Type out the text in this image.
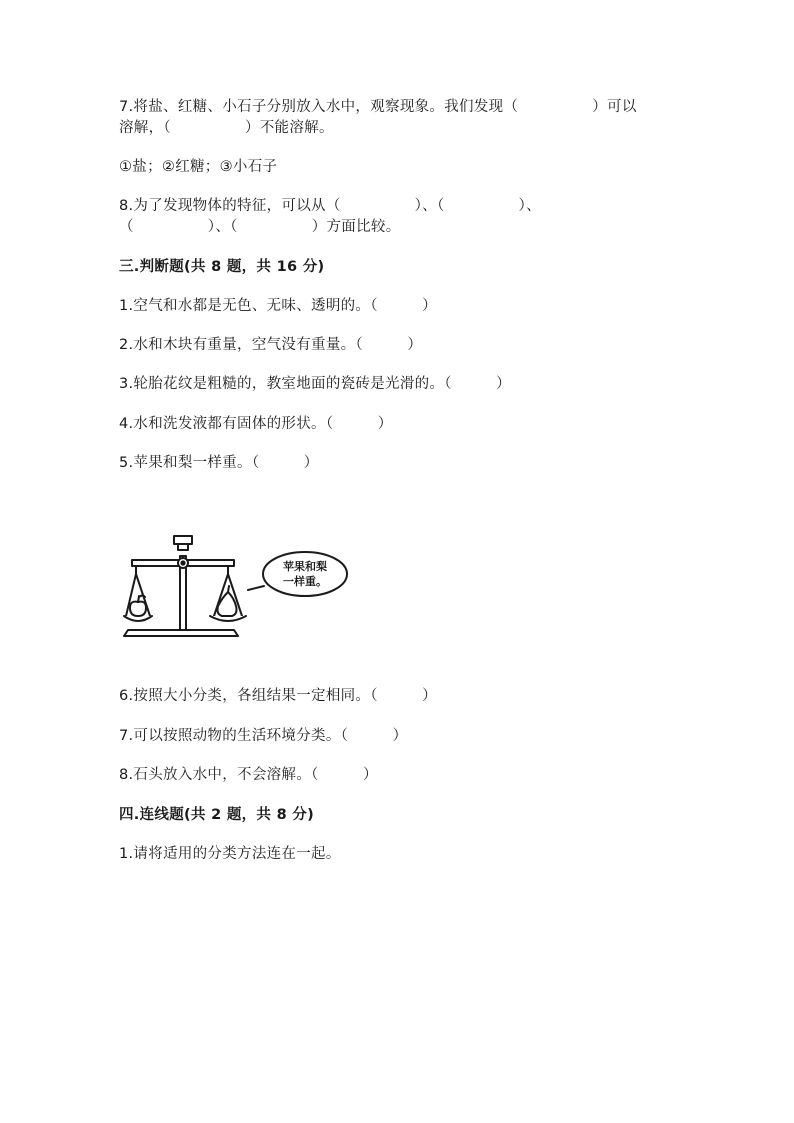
7.将盐、红糖、小石子分别放入水中，观察现象。我们发现（　　　　　）可以
溶解，（　　　　　）不能溶解。
①盐；②红糖；③小石子
8.为了发现物体的特征，可以从（　　　　　）、（　　　　　）、
（　　　　　）、（　　　　　）方面比较。
三.判断题(共 8 题，共 16 分)
1.空气和水都是无色、无味、透明的。（　　　）
2.水和木块有重量，空气没有重量。（　　　）
3.轮胎花纹是粗糙的，教室地面的瓷砖是光滑的。（　　　）
4.水和洗发液都有固体的形状。（　　　）
5.苹果和梨一样重。（　　　）
苹果和梨
一样重。
6.按照大小分类，各组结果一定相同。（　　　）
7.可以按照动物的生活环境分类。（　　　）
8.石头放入水中，不会溶解。（　　　）
四.连线题(共 2 题，共 8 分)
1.请将适用的分类方法连在一起。
